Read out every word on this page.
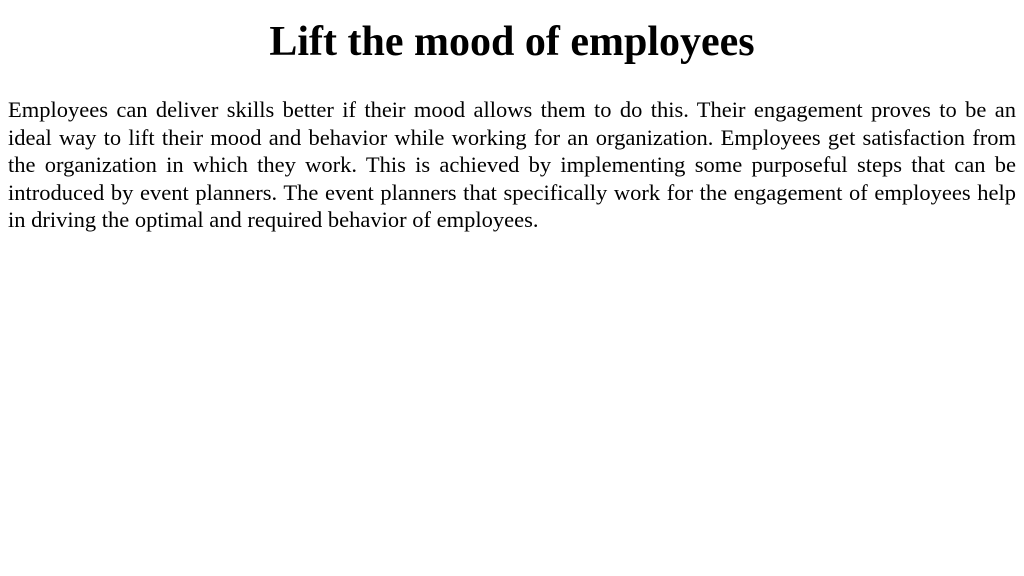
Lift the mood of employees

Employees can deliver skills better if their mood allows them to do this. Their engagement proves to be an ideal way to lift their mood and behavior while working for an organization. Employees get satisfaction from the organization in which they work. This is achieved by implementing some purposeful steps that can be introduced by event planners. The event planners that specifically work for the engagement of employees help in driving the optimal and required behavior of employees.
